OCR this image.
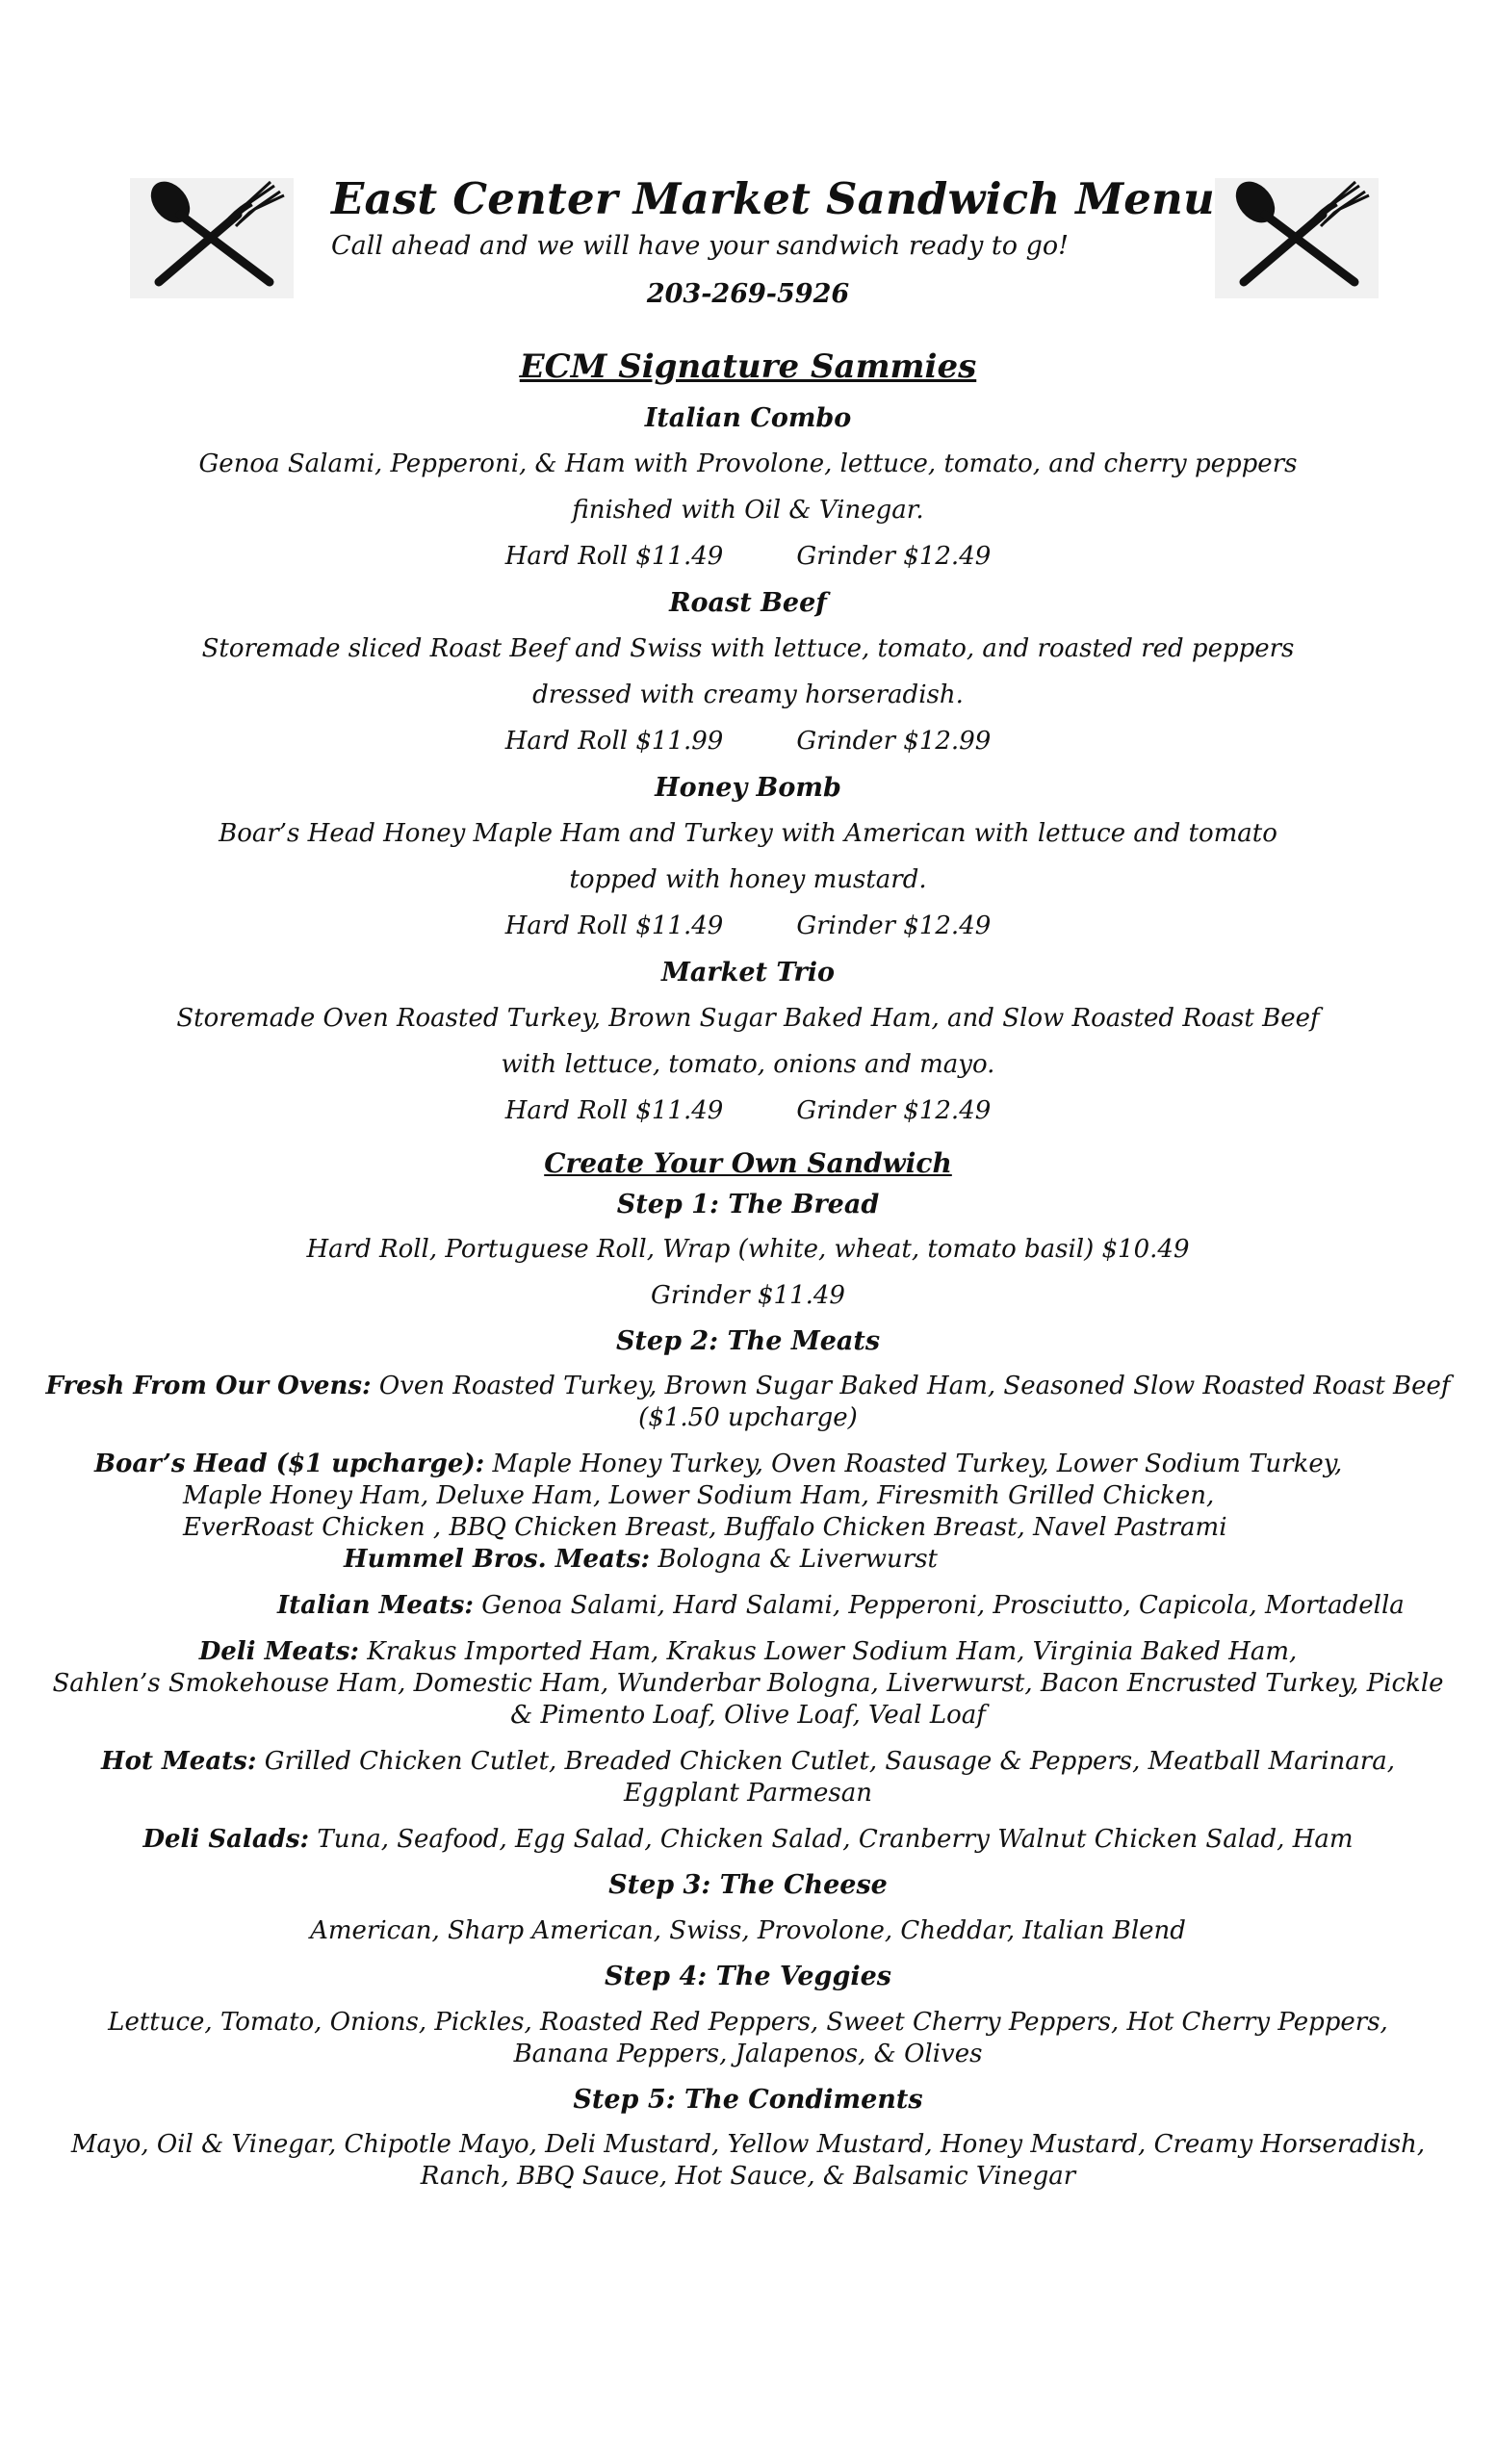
East Center Market Sandwich Menu
Call ahead and we will have your sandwich ready to go!
203-269-5926
ECM Signature Sammies
Italian Combo
Genoa Salami, Pepperoni, & Ham with Provolone, lettuce, tomato, and cherry peppers
finished with Oil & Vinegar.
Hard Roll $11.49	Grinder $12.49
Roast Beef
Storemade sliced Roast Beef and Swiss with lettuce, tomato, and roasted red peppers
dressed with creamy horseradish.
Hard Roll $11.99	Grinder $12.99
Honey Bomb
Boar’s Head Honey Maple Ham and Turkey with American with lettuce and tomato
topped with honey mustard.
Hard Roll $11.49	Grinder $12.49
Market Trio
Storemade Oven Roasted Turkey, Brown Sugar Baked Ham, and Slow Roasted Roast Beef
with lettuce, tomato, onions and mayo.
Hard Roll $11.49	Grinder $12.49
Create Your Own Sandwich
Step 1: The Bread
Hard Roll, Portuguese Roll, Wrap (white, wheat, tomato basil) $10.49
Grinder $11.49
Step 2: The Meats
Fresh From Our Ovens: Oven Roasted Turkey, Brown Sugar Baked Ham, Seasoned Slow Roasted Roast Beef
($1.50 upcharge)
Boar’s Head ($1 upcharge): Maple Honey Turkey, Oven Roasted Turkey, Lower Sodium Turkey,
Maple Honey Ham, Deluxe Ham, Lower Sodium Ham, Firesmith Grilled Chicken,
EverRoast Chicken , BBQ Chicken Breast, Buffalo Chicken Breast, Navel Pastrami
Hummel Bros. Meats: Bologna & Liverwurst
Italian Meats: Genoa Salami, Hard Salami, Pepperoni, Prosciutto, Capicola, Mortadella
Deli Meats: Krakus Imported Ham, Krakus Lower Sodium Ham, Virginia Baked Ham,
Sahlen’s Smokehouse Ham, Domestic Ham, Wunderbar Bologna, Liverwurst, Bacon Encrusted Turkey, Pickle
& Pimento Loaf, Olive Loaf, Veal Loaf
Hot Meats: Grilled Chicken Cutlet, Breaded Chicken Cutlet, Sausage & Peppers, Meatball Marinara,
Eggplant Parmesan
Deli Salads: Tuna, Seafood, Egg Salad, Chicken Salad, Cranberry Walnut Chicken Salad, Ham
Step 3: The Cheese
American, Sharp American, Swiss, Provolone, Cheddar, Italian Blend
Step 4: The Veggies
Lettuce, Tomato, Onions, Pickles, Roasted Red Peppers, Sweet Cherry Peppers, Hot Cherry Peppers,
Banana Peppers, Jalapenos, & Olives
Step 5: The Condiments
Mayo, Oil & Vinegar, Chipotle Mayo, Deli Mustard, Yellow Mustard, Honey Mustard, Creamy Horseradish,
Ranch, BBQ Sauce, Hot Sauce, & Balsamic Vinegar
